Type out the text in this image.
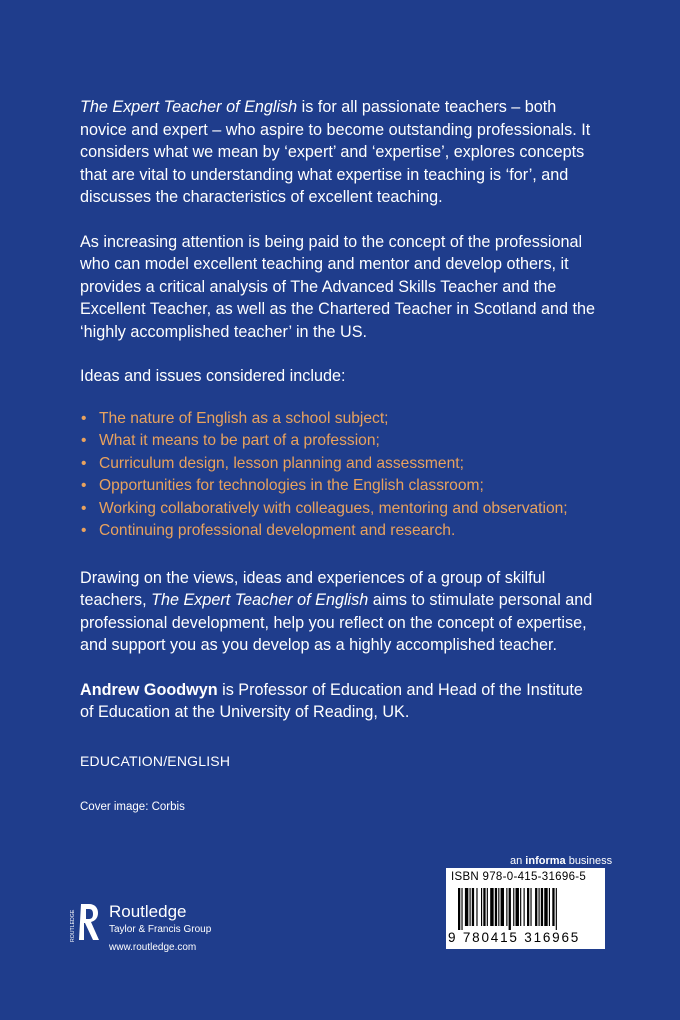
The Expert Teacher of English is for all passionate teachers – both novice and expert – who aspire to become outstanding professionals. It considers what we mean by ‘expert’ and ‘expertise’, explores concepts that are vital to understanding what expertise in teaching is ‘for’, and discusses the characteristics of excellent teaching.

As increasing attention is being paid to the concept of the professional who can model excellent teaching and mentor and develop others, it provides a critical analysis of The Advanced Skills Teacher and the Excellent Teacher, as well as the Chartered Teacher in Scotland and the ‘highly accomplished teacher’ in the US.

Ideas and issues considered include:

• The nature of English as a school subject;
• What it means to be part of a profession;
• Curriculum design, lesson planning and assessment;
• Opportunities for technologies in the English classroom;
• Working collaboratively with colleagues, mentoring and observation;
• Continuing professional development and research.

Drawing on the views, ideas and experiences of a group of skilful teachers, The Expert Teacher of English aims to stimulate personal and professional development, help you reflect on the concept of expertise, and support you as you develop as a highly accomplished teacher.

Andrew Goodwyn is Professor of Education and Head of the Institute of Education at the University of Reading, UK.

EDUCATION/ENGLISH

Cover image: Corbis

ROUTLEDGE Routledge
Taylor & Francis Group
www.routledge.com
an informa business
ISBN 978-0-415-31696-5
9 780415 316965
